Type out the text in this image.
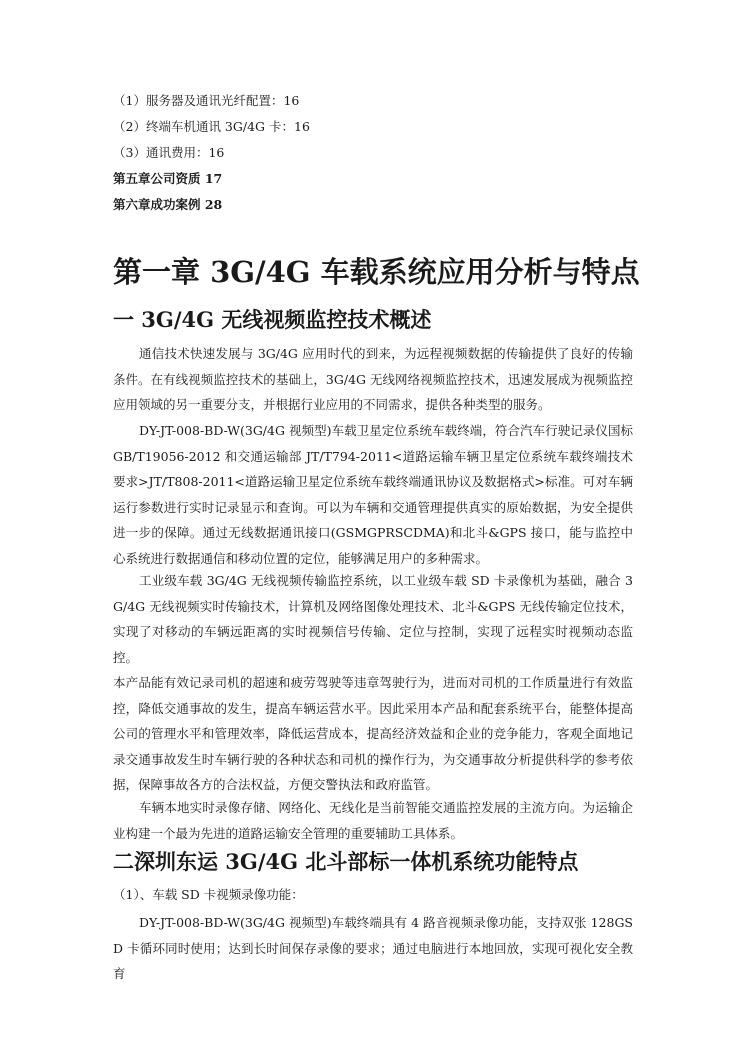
（1）服务器及通讯光纤配置：16
（2）终端车机通讯 3G/4G 卡：16
（3）通讯费用：16
第五章公司资质 17
第六章成功案例 28
第一章 3G/4G 车载系统应用分析与特点
一 3G/4G 无线视频监控技术概述

通信技术快速发展与 3G/4G 应用时代的到来，为远程视频数据的传输提供了良好的传输条件。在有线视频监控技术的基础上，3G/4G 无线网络视频监控技术，迅速发展成为视频监控应用领域的另一重要分支，并根据行业应用的不同需求，提供各种类型的服务。

DY-JT-008-BD-W(3G/4G 视频型)车载卫星定位系统车载终端，符合汽车行驶记录仪国标 GB/T19056-2012 和交通运输部 JT/T794-2011<道路运输车辆卫星定位系统车载终端技术要求>JT/T808-2011<道路运输卫星定位系统车载终端通讯协议及数据格式>标准。可对车辆运行参数进行实时记录显示和查询。可以为车辆和交通管理提供真实的原始数据，为安全提供进一步的保障。通过无线数据通讯接口(GSMGPRSCDMA)和北斗&GPS 接口，能与监控中心系统进行数据通信和移动位置的定位，能够满足用户的多种需求。

工业级车载 3G/4G 无线视频传输监控系统，以工业级车载 SD 卡录像机为基础，融合 3G/4G 无线视频实时传输技术，计算机及网络图像处理技术、北斗&GPS 无线传输定位技术，实现了对移动的车辆远距离的实时视频信号传输、定位与控制，实现了远程实时视频动态监控。

本产品能有效记录司机的超速和疲劳驾驶等违章驾驶行为，进而对司机的工作质量进行有效监控，降低交通事故的发生，提高车辆运营水平。因此采用本产品和配套系统平台，能整体提高公司的管理水平和管理效率，降低运营成本，提高经济效益和企业的竞争能力，客观全面地记录交通事故发生时车辆行驶的各种状态和司机的操作行为，为交通事故分析提供科学的参考依据，保障事故各方的合法权益，方便交警执法和政府监管。

车辆本地实时录像存储、网络化、无线化是当前智能交通监控发展的主流方向。为运输企业构建一个最为先进的道路运输安全管理的重要辅助工具体系。

二深圳东运 3G/4G 北斗部标一体机系统功能特点
（1）、车载 SD 卡视频录像功能：

DY-JT-008-BD-W(3G/4G 视频型)车载终端具有 4 路音视频录像功能，支持双张 128GSD 卡循环同时使用；达到长时间保存录像的要求；通过电脑进行本地回放，实现可视化安全教育
